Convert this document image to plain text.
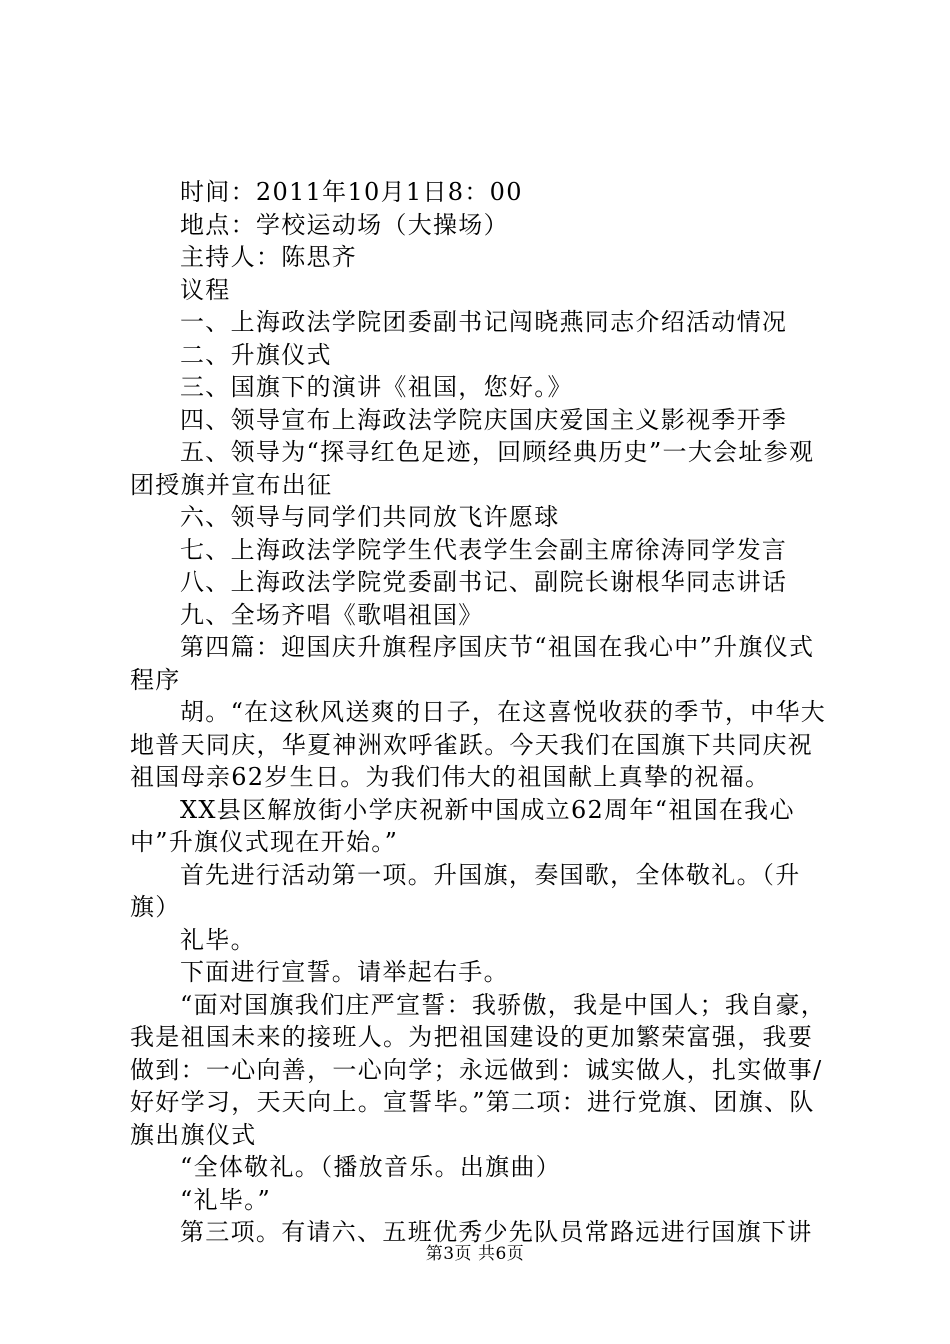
时间：2011年10月1日8：00

地点：学校运动场（大操场）

主持人：陈思齐

议程

一、上海政法学院团委副书记闯晓燕同志介绍活动情况

二、升旗仪式

三、国旗下的演讲《祖国，您好。》

四、领导宣布上海政法学院庆国庆爱国主义影视季开季

五、领导为“探寻红色足迹，回顾经典历史”一大会址参观团授旗并宣布出征

六、领导与同学们共同放飞许愿球

七、上海政法学院学生代表学生会副主席徐涛同学发言

八、上海政法学院党委副书记、副院长谢根华同志讲话

九、全场齐唱《歌唱祖国》

第四篇：迎国庆升旗程序国庆节“祖国在我心中”升旗仪式程序

胡。“在这秋风送爽的日子，在这喜悦收获的季节，中华大地普天同庆，华夏神洲欢呼雀跃。今天我们在国旗下共同庆祝祖国母亲62岁生日。为我们伟大的祖国献上真挚的祝福。

XX县区解放街小学庆祝新中国成立62周年“祖国在我心中”升旗仪式现在开始。”

首先进行活动第一项。升国旗，奏国歌，全体敬礼。（升旗）

礼毕。

下面进行宣誓。请举起右手。

“面对国旗我们庄严宣誓：我骄傲，我是中国人；我自豪，我是祖国未来的接班人。为把祖国建设的更加繁荣富强，我要做到：一心向善，一心向学；永远做到：诚实做人，扎实做事/好好学习，天天向上。宣誓毕。”第二项：进行党旗、团旗、队旗出旗仪式

“全体敬礼。（播放音乐。出旗曲）

“礼毕。”

第三项。有请六、五班优秀少先队员常路远进行国旗下讲

第3页 共6页
